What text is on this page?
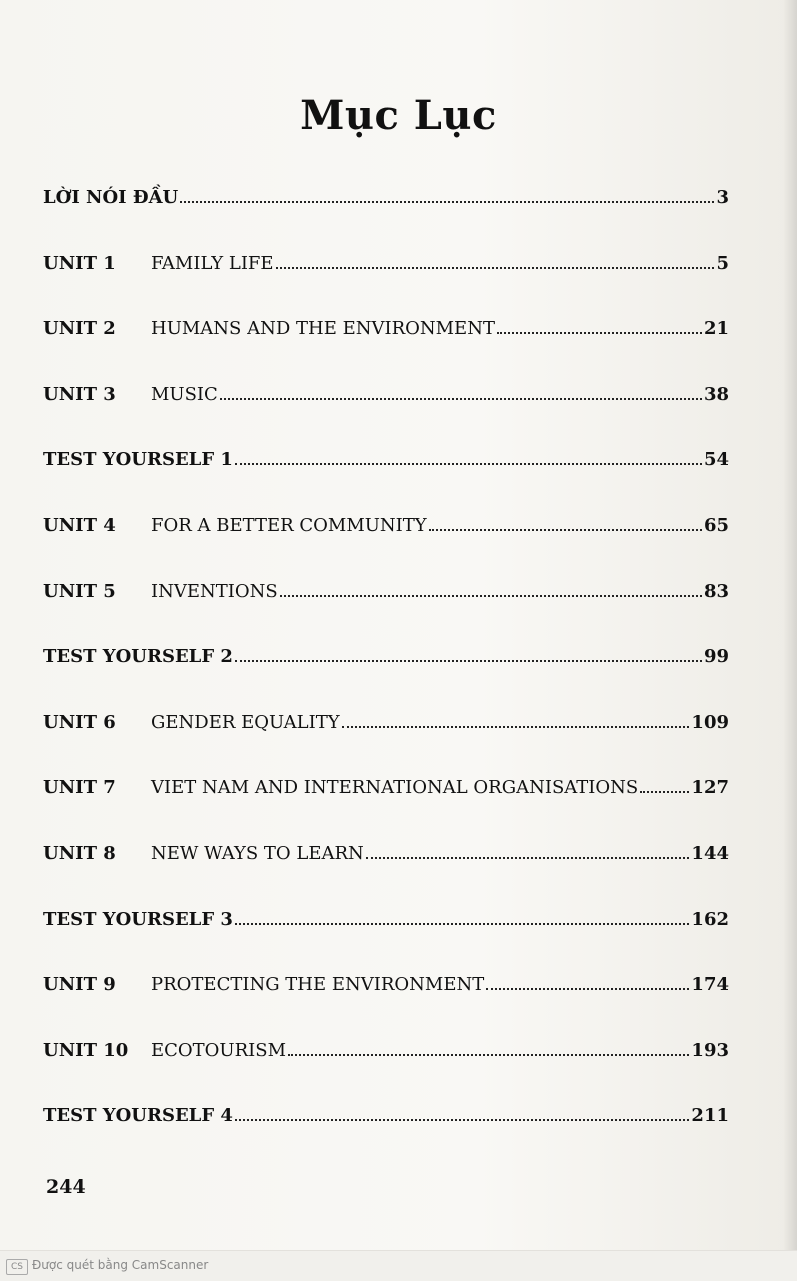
Mục Lục
LỜI NÓI ĐẦU	3
UNIT 1	FAMILY LIFE	5
UNIT 2	HUMANS AND THE ENVIRONMENT	21
UNIT 3	MUSIC	38
TEST YOURSELF 1	54
UNIT 4	FOR A BETTER COMMUNITY	65
UNIT 5	INVENTIONS	83
TEST YOURSELF 2	99
UNIT 6	GENDER EQUALITY	109
UNIT 7	VIET NAM AND INTERNATIONAL ORGANISATIONS	127
UNIT 8	NEW WAYS TO LEARN	144
TEST YOURSELF 3	162
UNIT 9	PROTECTING THE ENVIRONMENT	174
UNIT 10	ECOTOURISM	193
TEST YOURSELF 4	211
244
CS Được quét bằng CamScanner
